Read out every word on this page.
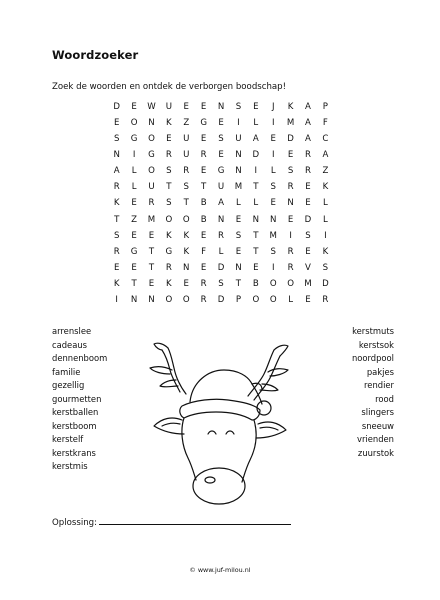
Woordzoeker
Zoek de woorden en ontdek de verborgen boodschap!
D	E	W	U	E	E	N	S	E	J	K	A	P
E	O	N	K	Z	G	E	I	L	I	M	A	F
S	G	O	E	U	E	S	U	A	E	D	A	C
N	I	G	R	U	R	E	N	D	I	E	R	A
A	L	O	S	R	E	G	N	I	L	S	R	Z
R	L	U	T	S	T	U	M	T	S	R	E	K
K	E	R	S	T	B	A	L	L	E	N	E	L
T	Z	M	O	O	B	N	E	N	N	E	D	L
S	E	E	K	K	E	R	S	T	M	I	S	I
R	G	T	G	K	F	L	E	T	S	R	E	K
E	E	T	R	N	E	D	N	E	I	R	V	S
K	T	E	K	E	R	S	T	B	O	O	M	D
I	N	N	O	O	R	D	P	O	O	L	E	R
arrenslee
cadeaus
dennenboom
familie
gezellig
gourmetten
kerstballen
kerstboom
kerstelf
kerstkrans
kerstmis
kerstmuts
kerstsok
noordpool
pakjes
rendier
rood
slingers
sneeuw
vrienden
zuurstok
Oplossing:
© www.juf-milou.nl
